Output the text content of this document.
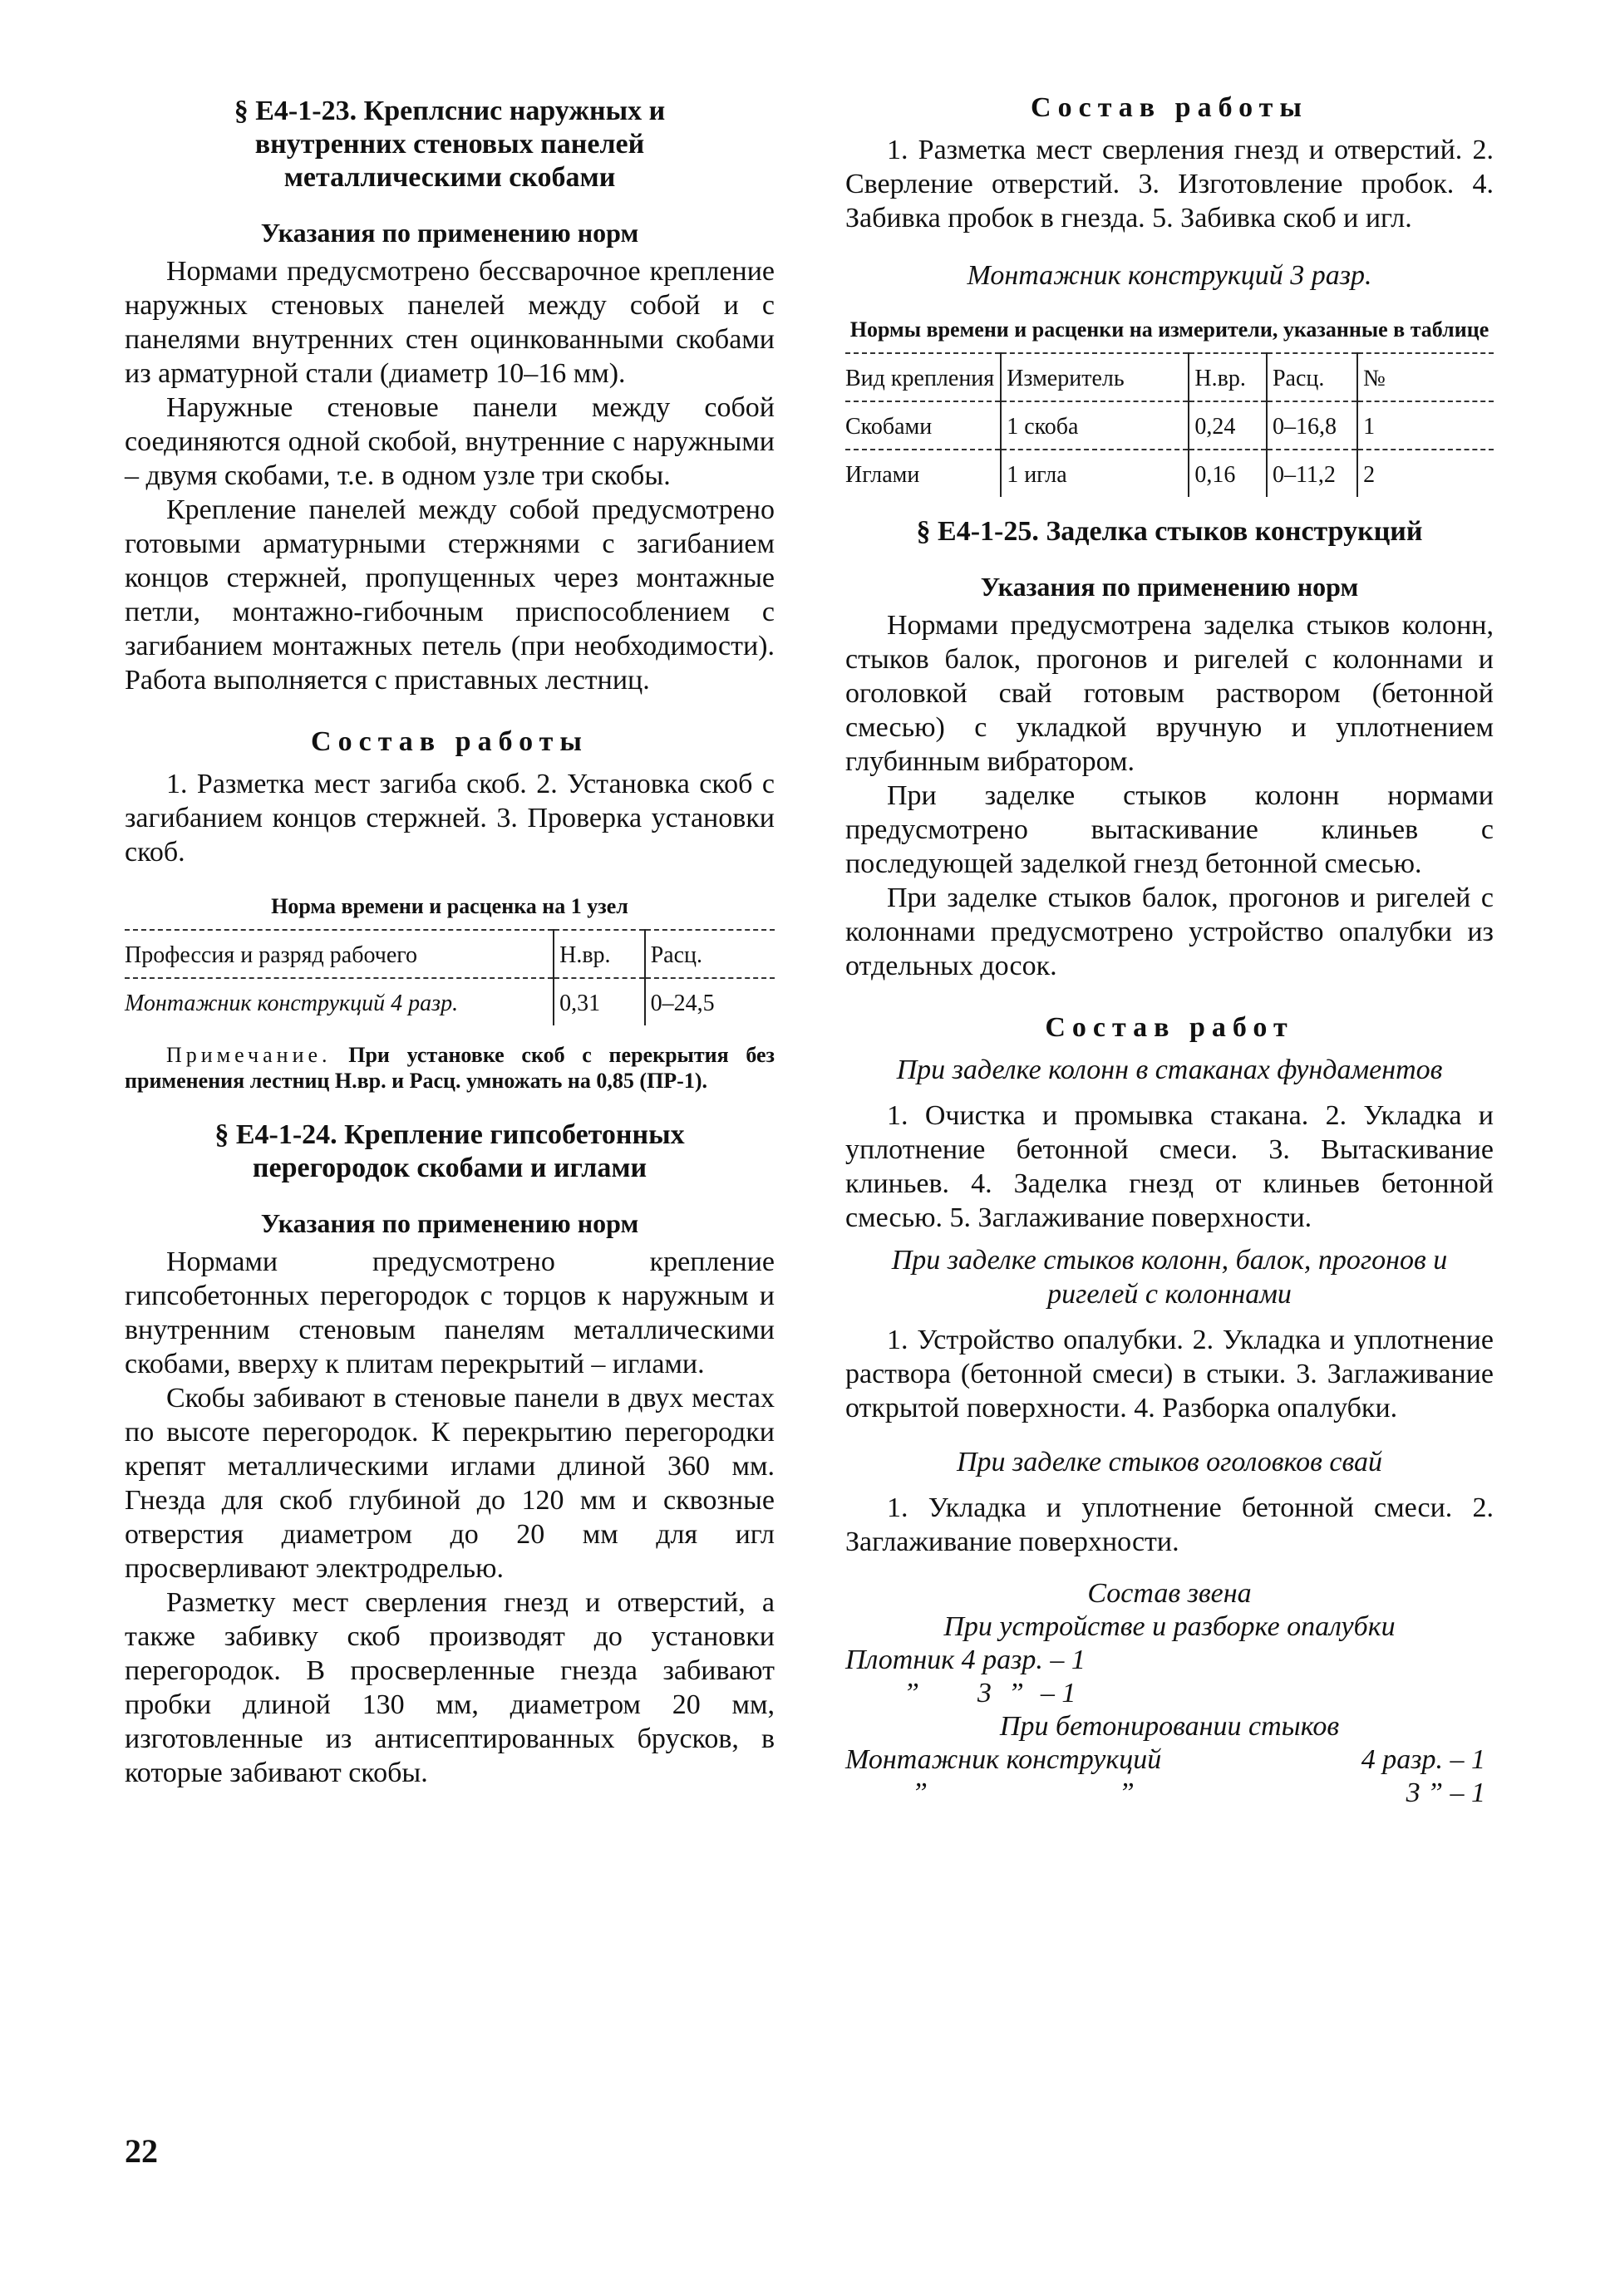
§ Е4-1-23. Креплснис наружных и внутренних стеновых панелей металлическими скобами
Указания по применению норм

Нормами предусмотрено бессварочное крепление наружных стеновых панелей между собой и с панелями внутренних стен оцинкованными скобами из арматурной стали (диаметр 10–16 мм).

Наружные стеновые панели между собой соединяются одной скобой, внутренние с наружными – двумя скобами, т.е. в одном узле три скобы.

Крепление панелей между собой предусмотрено готовыми арматурными стержнями с загибанием концов стержней, пропущенных через монтажные петли, монтажно-гибочным приспособлением с загибанием монтажных петель (при необходимости). Работа выполняется с приставных лестниц.

Состав работы

1. Разметка мест загиба скоб. 2. Установка скоб с загибанием концов стержней. 3. Проверка установки скоб.

Норма времени и расценка на 1 узел
Профессия и разряд рабочего	Н.вр.	Расц.
Монтажник конструкций 4 разр.	0,31	0–24,5

Примечание. При установке скоб с перекрытия без применения лестниц Н.вр. и Расц. умножать на 0,85 (ПР-1).

§ Е4-1-24. Крепление гипсобетонных перегородок скобами и иглами
Указания по применению норм

Нормами предусмотрено крепление гипсобетонных перегородок с торцов к наружным и внутренним стеновым панелям металлическими скобами, вверху к плитам перекрытий – иглами.

Скобы забивают в стеновые панели в двух местах по высоте перегородок. К перекрытию перегородки крепят металлическими иглами длиной 360 мм. Гнезда для скоб глубиной до 120 мм и сквозные отверстия диаметром до 20 мм для игл просверливают электродрелью.

Разметку мест сверления гнезд и отверстий, а также забивку скоб производят до установки перегородок. В просверленные гнезда забивают пробки длиной 130 мм, диаметром 20 мм, изготовленные из антисептированных брусков, в которые забивают скобы.

Состав работы

1. Разметка мест сверления гнезд и отверстий. 2. Сверление отверстий. 3. Изготовление пробок. 4. Забивка пробок в гнезда. 5. Забивка скоб и игл.

Монтажник конструкций 3 разр.
Нормы времени и расценки на измерители, указанные в таблице
Вид крепления	Измеритель	Н.вр.	Расц.	№
Скобами	1 скоба	0,24	0–16,8	1
Иглами	1 игла	0,16	0–11,2	2
§ Е4-1-25. Заделка стыков конструкций
Указания по применению норм

Нормами предусмотрена заделка стыков колонн, стыков балок, прогонов и ригелей с колоннами и оголовкой свай готовым раствором (бетонной смесью) с укладкой вручную и уплотнением глубинным вибратором.

При заделке стыков колонн нормами предусмотрено вытаскивание клиньев с последующей заделкой гнезд бетонной смесью.

При заделке стыков балок, прогонов и ригелей с колоннами предусмотрено устройство опалубки из отдельных досок.

Состав работ
При заделке колонн в стаканах фундаментов

1. Очистка и промывка стакана. 2. Укладка и уплотнение бетонной смеси. 3. Вытаскивание клиньев. 4. Заделка гнезд от клиньев бетонной смесью. 5. Заглаживание поверхности.

При заделке стыков колонн, балок, прогонов и ригелей с колоннами

1. Устройство опалубки. 2. Укладка и уплотнение раствора (бетонной смеси) в стыки. 3. Заглаживание открытой поверхности. 4. Разборка опалубки.

При заделке стыков оголовков свай

1. Укладка и уплотнение бетонной смеси. 2. Заглаживание поверхности.

Состав звена
При устройстве и разборке опалубки
Плотник 4 разр. – 1
” 3 ” – 1
При бетонировании стыков
Монтажник конструкций	4 разр. – 1
”	”	3 ” – 1
22
